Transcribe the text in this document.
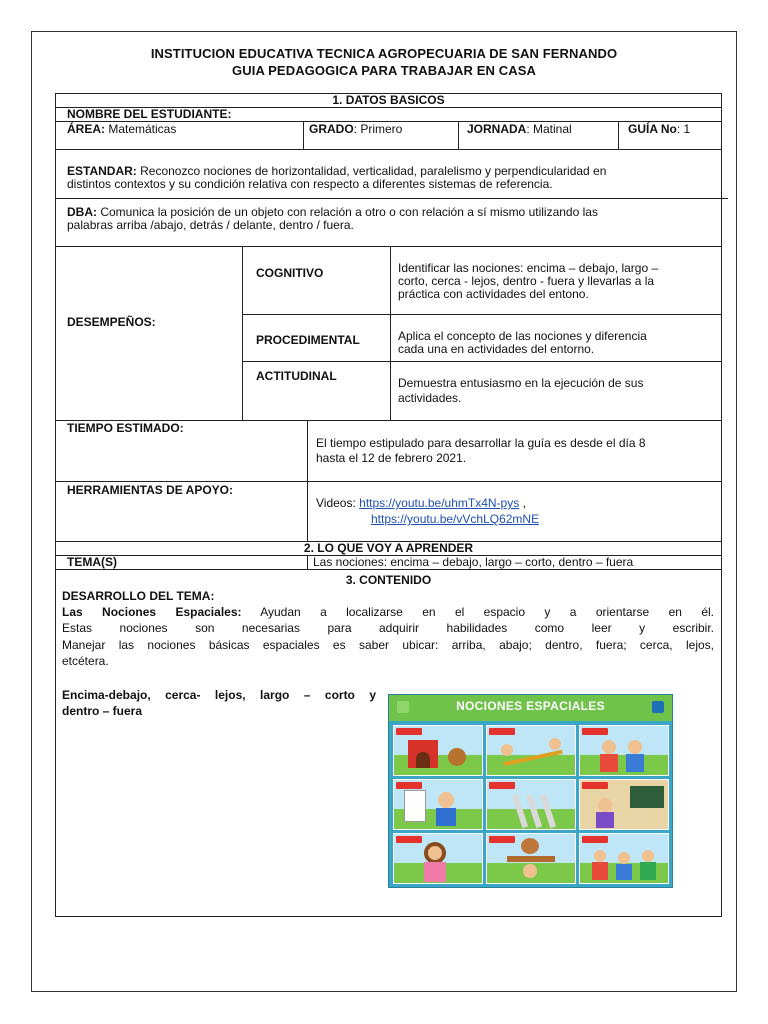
INSTITUCION EDUCATIVA TECNICA AGROPECUARIA DE SAN FERNANDO
GUIA PEDAGOGICA PARA TRABAJAR EN CASA
1. DATOS BASICOS
NOMBRE DEL ESTUDIANTE:
ÁREA: Matemáticas	GRADO: Primero	JORNADA: Matinal	GUÍA No: 1
ESTANDAR: Reconozco nociones de horizontalidad, verticalidad, paralelismo y perpendicularidad en
distintos contextos y su condición relativa con respecto a diferentes sistemas de referencia.
DBA: Comunica la posición de un objeto con relación a otro o con relación a sí mismo utilizando las
palabras arriba /abajo, detrás / delante, dentro / fuera.
DESEMPEÑOS:
COGNITIVO	Identificar las nociones: encima – debajo, largo –
corto, cerca - lejos, dentro - fuera y llevarlas a la
práctica con actividades del entono.
PROCEDIMENTAL	Aplica el concepto de las nociones y diferencia
cada una en actividades del entorno.
ACTITUDINAL	Demuestra entusiasmo en la ejecución de sus
actividades.
TIEMPO ESTIMADO:
El tiempo estipulado para desarrollar la guía es desde el día 8
hasta el 12 de febrero 2021.
HERRAMIENTAS DE APOYO:
Videos: https://youtu.be/uhmTx4N-pys ,
https://youtu.be/vVchLQ62mNE
2. LO QUE VOY A APRENDER
TEMA(S)	Las nociones: encima – debajo, largo – corto, dentro – fuera
3. CONTENIDO
DESARROLLO DEL TEMA:
Las Nociones Espaciales: Ayudan a localizarse en el espacio y a orientarse en él.
Estas nociones son necesarias para adquirir habilidades como leer y escribir.
Manejar las nociones básicas espaciales es saber ubicar: arriba, abajo; dentro, fuera; cerca, lejos,
etcétera.
Encima-debajo, cerca- lejos, largo – corto y
dentro – fuera	NOCIONES ESPACIALES
